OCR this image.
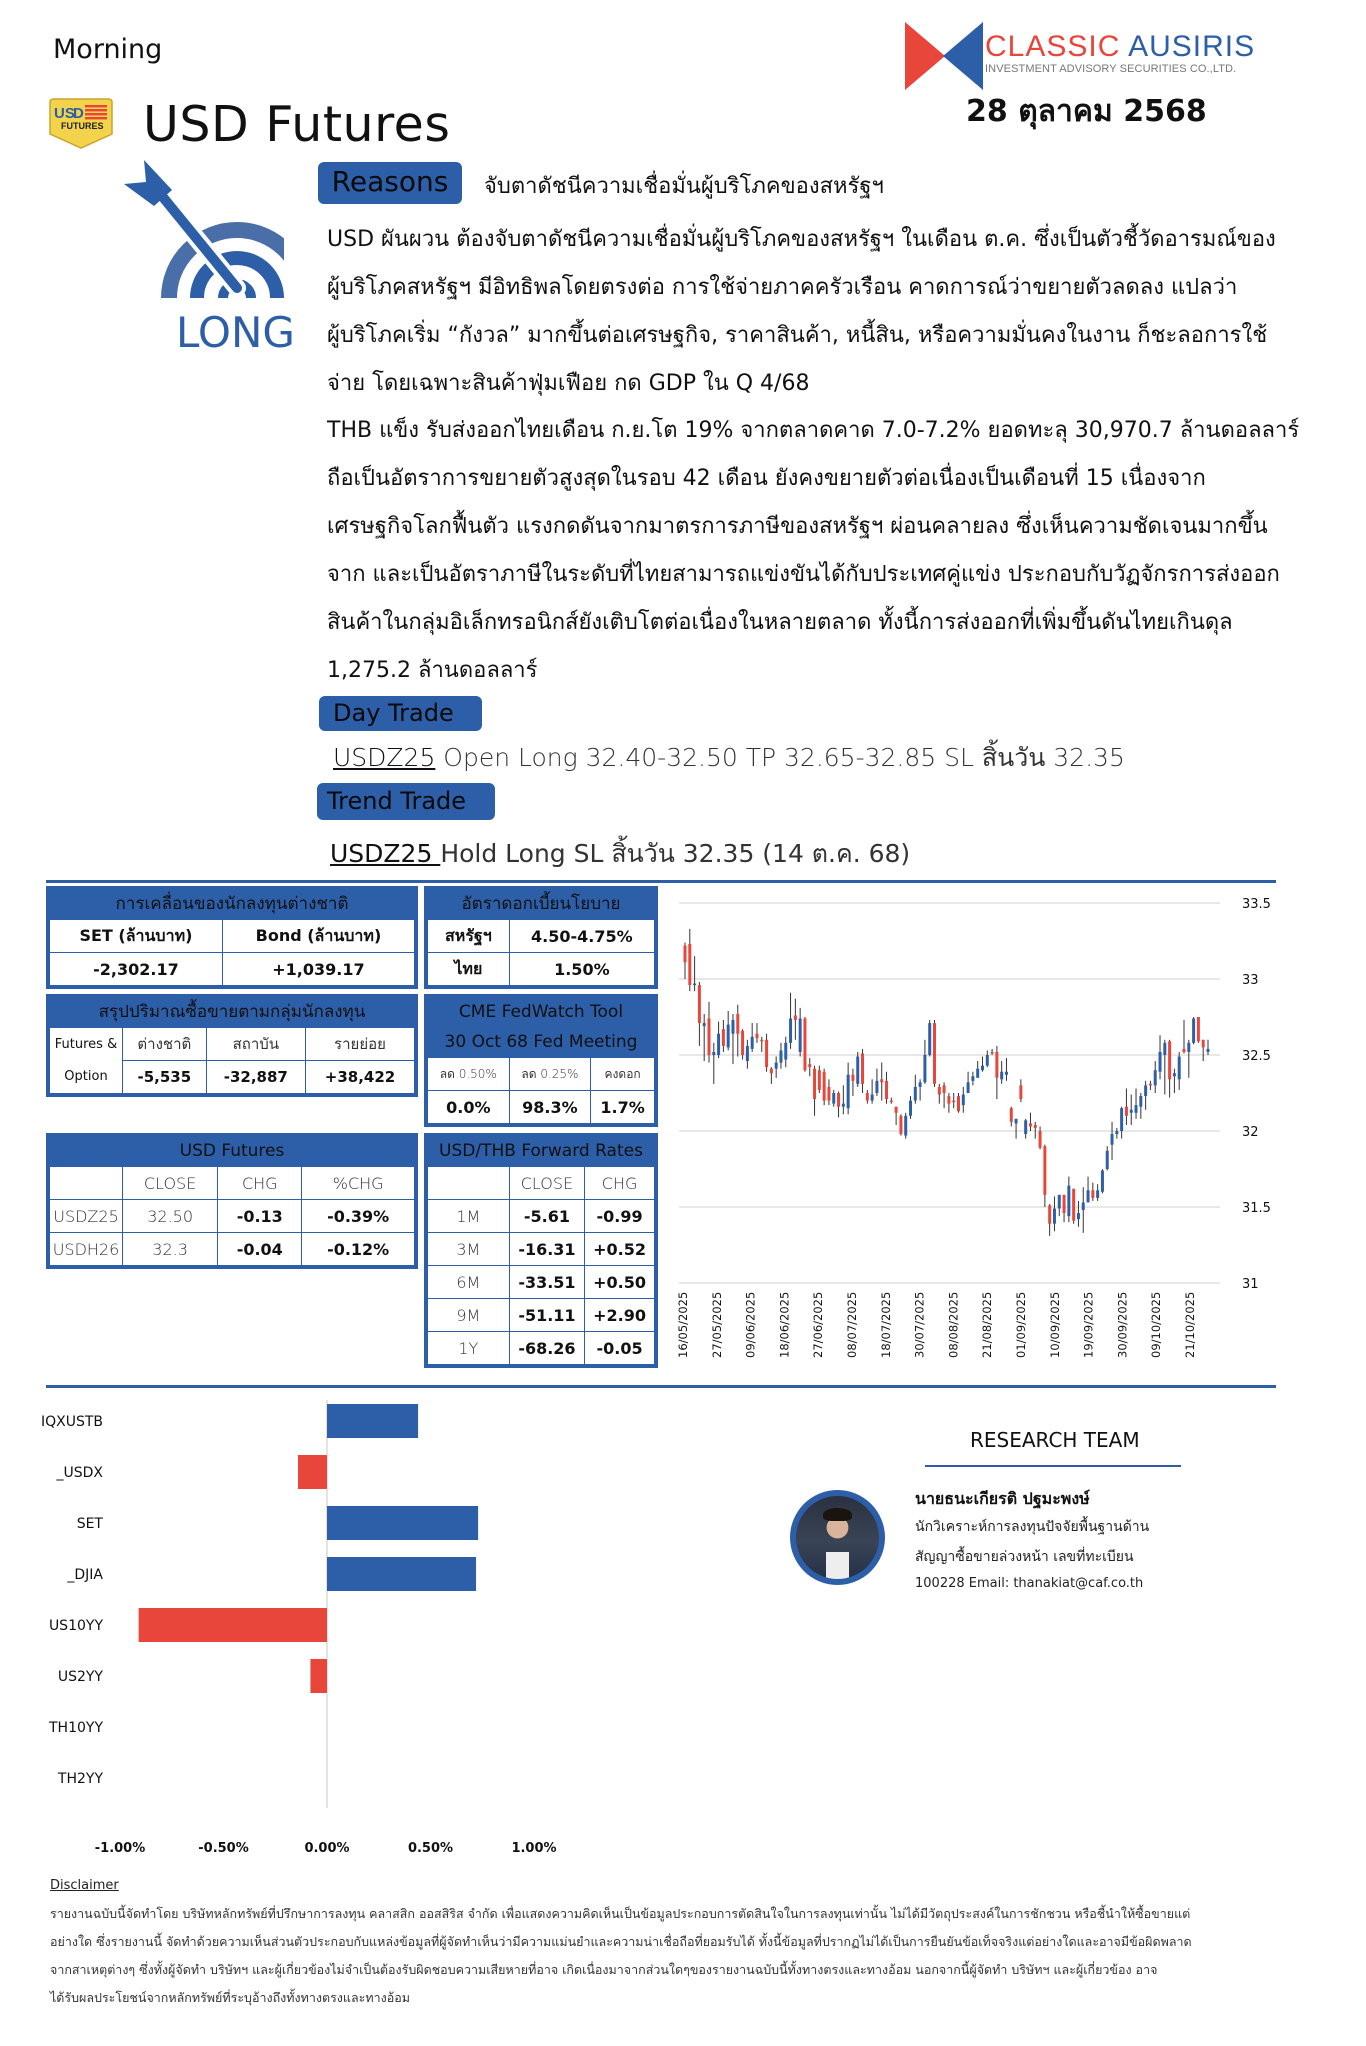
Morning
US
D
FUTURES USD Futures
CLASSIC AUSIRIS
INVESTMENT ADVISORY SECURITIES CO.,LTD.
28 ตุลาคม 2568
LONG
Reasons	จับตาดัชนีความเชื่อมั่นผู้บริโภคของสหรัฐฯ
USD ผันผวน ต้องจับตาดัชนีความเชื่อมั่นผู้บริโภคของสหรัฐฯ ในเดือน ต.ค. ซึ่งเป็นตัวชี้วัดอารมณ์ของ
ผู้บริโภคสหรัฐฯ มีอิทธิพลโดยตรงต่อ การใช้จ่ายภาคครัวเรือน คาดการณ์ว่าขยายตัวลดลง แปลว่า
ผู้บริโภคเริ่ม “กังวล” มากขึ้นต่อเศรษฐกิจ, ราคาสินค้า, หนี้สิน, หรือความมั่นคงในงาน ก็ชะลอการใช้
จ่าย โดยเฉพาะสินค้าฟุ่มเฟือย กด GDP ใน Q 4/68
THB แข็ง รับส่งออกไทยเดือน ก.ย.โต 19% จากตลาดคาด 7.0-7.2% ยอดทะลุ 30,970.7 ล้านดอลลาร์
ถือเป็นอัตราการขยายตัวสูงสุดในรอบ 42 เดือน ยังคงขยายตัวต่อเนื่องเป็นเดือนที่ 15 เนื่องจาก
เศรษฐกิจโลกฟื้นตัว แรงกดดันจากมาตรการภาษีของสหรัฐฯ ผ่อนคลายลง ซึ่งเห็นความชัดเจนมากขึ้น
จาก และเป็นอัตราภาษีในระดับที่ไทยสามารถแข่งขันได้กับประเทศคู่แข่ง ประกอบกับวัฏจักรการส่งออก
สินค้าในกลุ่มอิเล็กทรอนิกส์ยังเติบโตต่อเนื่องในหลายตลาด ทั้งนี้การส่งออกที่เพิ่มขึ้นดันไทยเกินดุล
1,275.2 ล้านดอลลาร์
Day Trade
USDZ25 Open Long 32.40-32.50 TP 32.65-32.85 SL สิ้นวัน 32.35
Trend Trade
USDZ25 Hold Long SL สิ้นวัน 32.35 (14 ต.ค. 68)
การเคลื่อนของนักลงทุนต่างชาติ
SET (ล้านบาท)	Bond (ล้านบาท)
-2,302.17	+1,039.17
อัตราดอกเบี้ยนโยบาย
สหรัฐฯ	4.50-4.75%
ไทย	1.50%
สรุปปริมาณซื้อขายตามกลุ่มนักลงทุน
Futures &	ต่างชาติ	สถาบัน	รายย่อย
Option	-5,535	-32,887	+38,422
CME FedWatch Tool
30 Oct 68 Fed Meeting
ลด 0.50%	ลด 0.25%	คงดอก
0.0%	98.3%	1.7%
USD Futures
	CLOSE	CHG	%CHG
USDZ25	32.50	-0.13	-0.39%
USDH26	32.3	-0.04	-0.12%
USD/THB Forward Rates
	CLOSE	CHG
1M	-5.61	-0.99
3M	-16.31	+0.52
6M	-33.51	+0.50
9M	-51.11	+2.90
1Y	-68.26	-0.05
31
31.5
32
32.5
33
33.5
16/05/2025 27/05/2025 09/06/2025 18/06/2025 27/06/2025 08/07/2025 18/07/2025 30/07/2025 08/08/2025 21/08/2025 01/09/2025 10/09/2025 19/09/2025 30/09/2025 09/10/2025 21/10/2025
IQXUSTB
_USDX
SET
_DJIA
US10YY
US2YY
TH10YY
TH2YY
-1.00%	-0.50%	0.00%	0.50%	1.00%
RESEARCH TEAM
นายธนะเกียรติ ปฐมะพงษ์
นักวิเคราะห์การลงทุนปัจจัยพื้นฐานด้าน
สัญญาซื้อขายล่วงหน้า เลขที่ทะเบียน
100228 Email: thanakiat@caf.co.th
Disclaimer
รายงานฉบับนี้จัดทำโดย บริษัทหลักทรัพย์ที่ปรึกษาการลงทุน คลาสสิก ออสสิริส จำกัด เพื่อแสดงความคิดเห็นเป็นข้อมูลประกอบการตัดสินใจในการลงทุนเท่านั้น ไม่ได้มีวัตถุประสงค์ในการชักชวน หรือชี้นำให้ซื้อขายแต่
อย่างใด ซึ่งรายงานนี้ จัดทำด้วยความเห็นส่วนตัวประกอบกับแหล่งข้อมูลที่ผู้จัดทำเห็นว่ามีความแม่นยำและความน่าเชื่อถือที่ยอมรับได้ ทั้งนี้ข้อมูลที่ปรากฏไม่ได้เป็นการยืนยันข้อเท็จจริงแต่อย่างใดและอาจมีข้อผิดพลาด
จากสาเหตุต่างๆ ซึ่งทั้งผู้จัดทำ บริษัทฯ และผู้เกี่ยวข้องไม่จำเป็นต้องรับผิดชอบความเสียหายที่อาจ เกิดเนื่องมาจากส่วนใดๆของรายงานฉบับนี้ทั้งทางตรงและทางอ้อม นอกจากนี้ผู้จัดทำ บริษัทฯ และผู้เกี่ยวข้อง อาจ
ได้รับผลประโยชน์จากหลักทรัพย์ที่ระบุอ้างถึงทั้งทางตรงและทางอ้อม
